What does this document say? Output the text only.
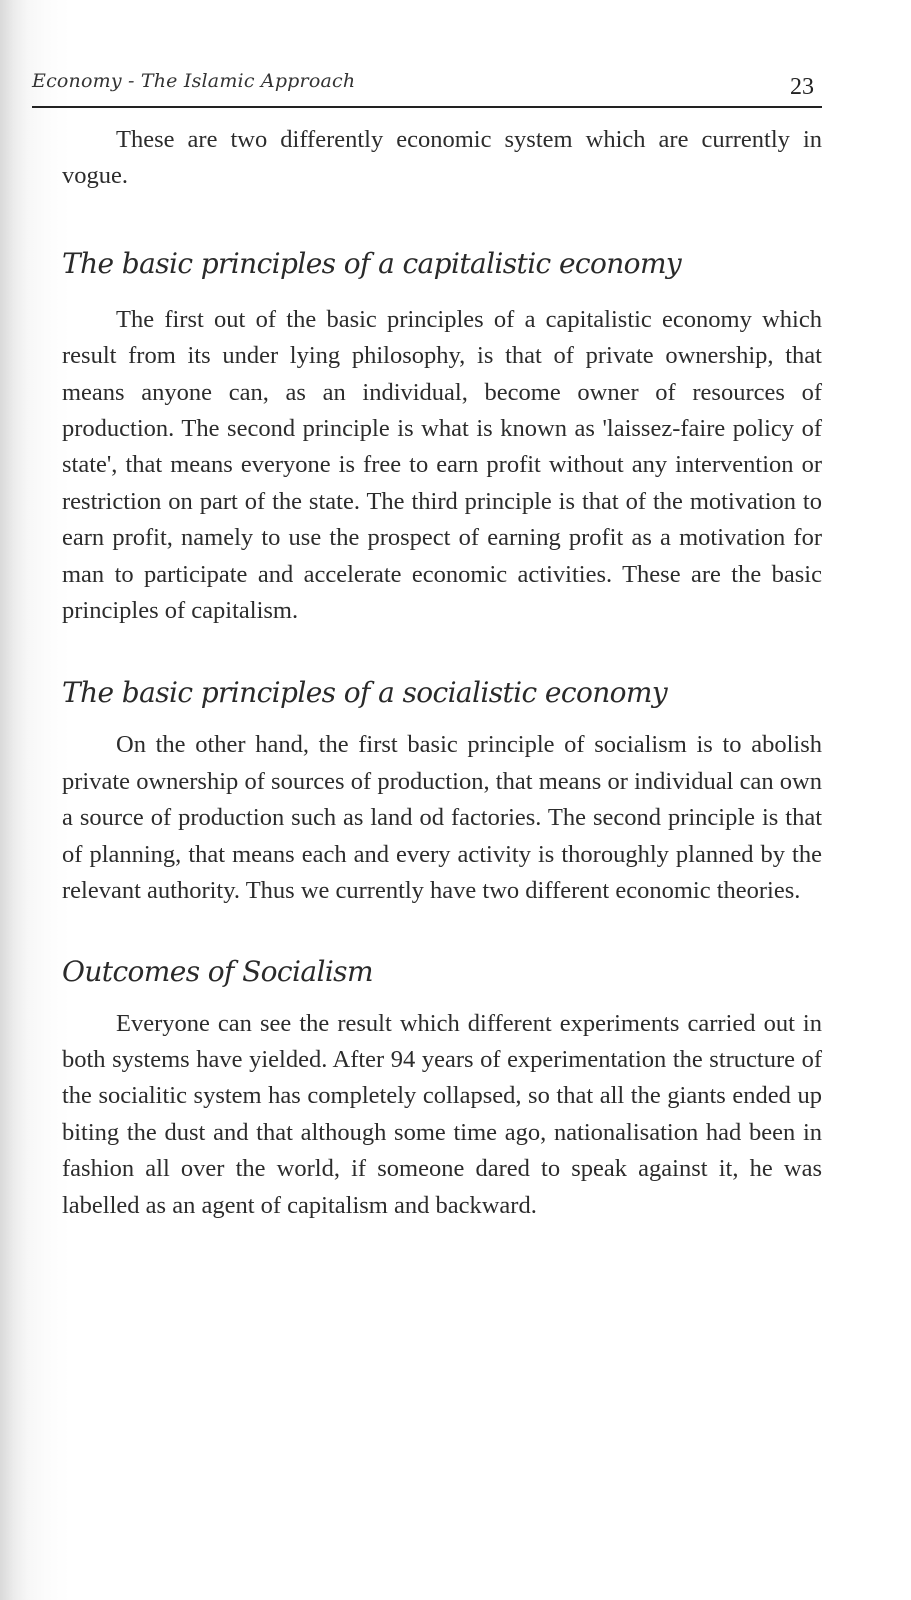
Economy - The Islamic Approach	23

These are two differently economic system which are currently in vogue.

The basic principles of a capitalistic economy

The first out of the basic principles of a capitalistic economy which result from its under lying philosophy, is that of private ownership, that means anyone can, as an individual, become owner of resources of production. The second principle is what is known as 'laissez-faire policy of state', that means everyone is free to earn profit without any intervention or restriction on part of the state. The third principle is that of the motivation to earn profit, namely to use the prospect of earning profit as a motivation for man to participate and accelerate economic activities. These are the basic principles of capitalism.

The basic principles of a socialistic economy

On the other hand, the first basic principle of socialism is to abolish private ownership of sources of production, that means or individual can own a source of production such as land od factories. The second principle is that of planning, that means each and every activity is thoroughly planned by the relevant authority. Thus we currently have two different economic theories.

Outcomes of Socialism

Everyone can see the result which different experiments carried out in both systems have yielded. After 94 years of experimentation the structure of the socialitic system has completely collapsed, so that all the giants ended up biting the dust and that although some time ago, nationalisation had been in fashion all over the world, if someone dared to speak against it, he was labelled as an agent of capitalism and backward.
